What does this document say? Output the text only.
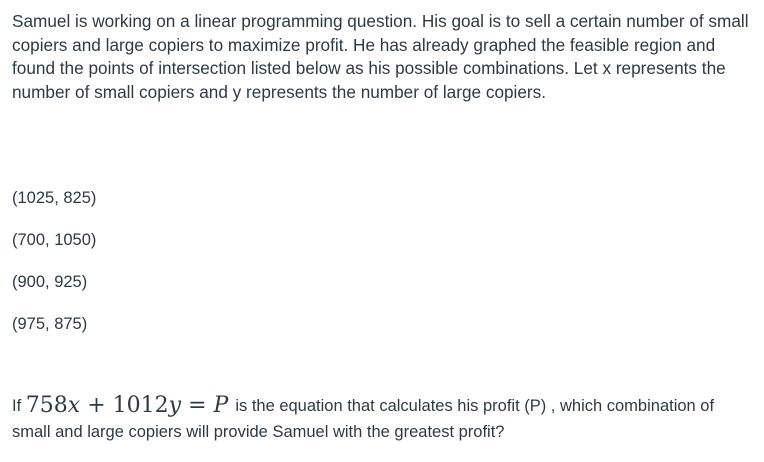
Samuel is working on a linear programming question. His goal is to sell a certain number of small copiers and large copiers to maximize profit. He has already graphed the feasible region and found the points of intersection listed below as his possible combinations. Let x represents the number of small copiers and y represents the number of large copiers.

(1025, 825)
(700, 1050)
(900, 925)
(975, 875)

If 758x + 1012y = P is the equation that calculates his profit (P) , which combination of small and large copiers will provide Samuel with the greatest profit?
